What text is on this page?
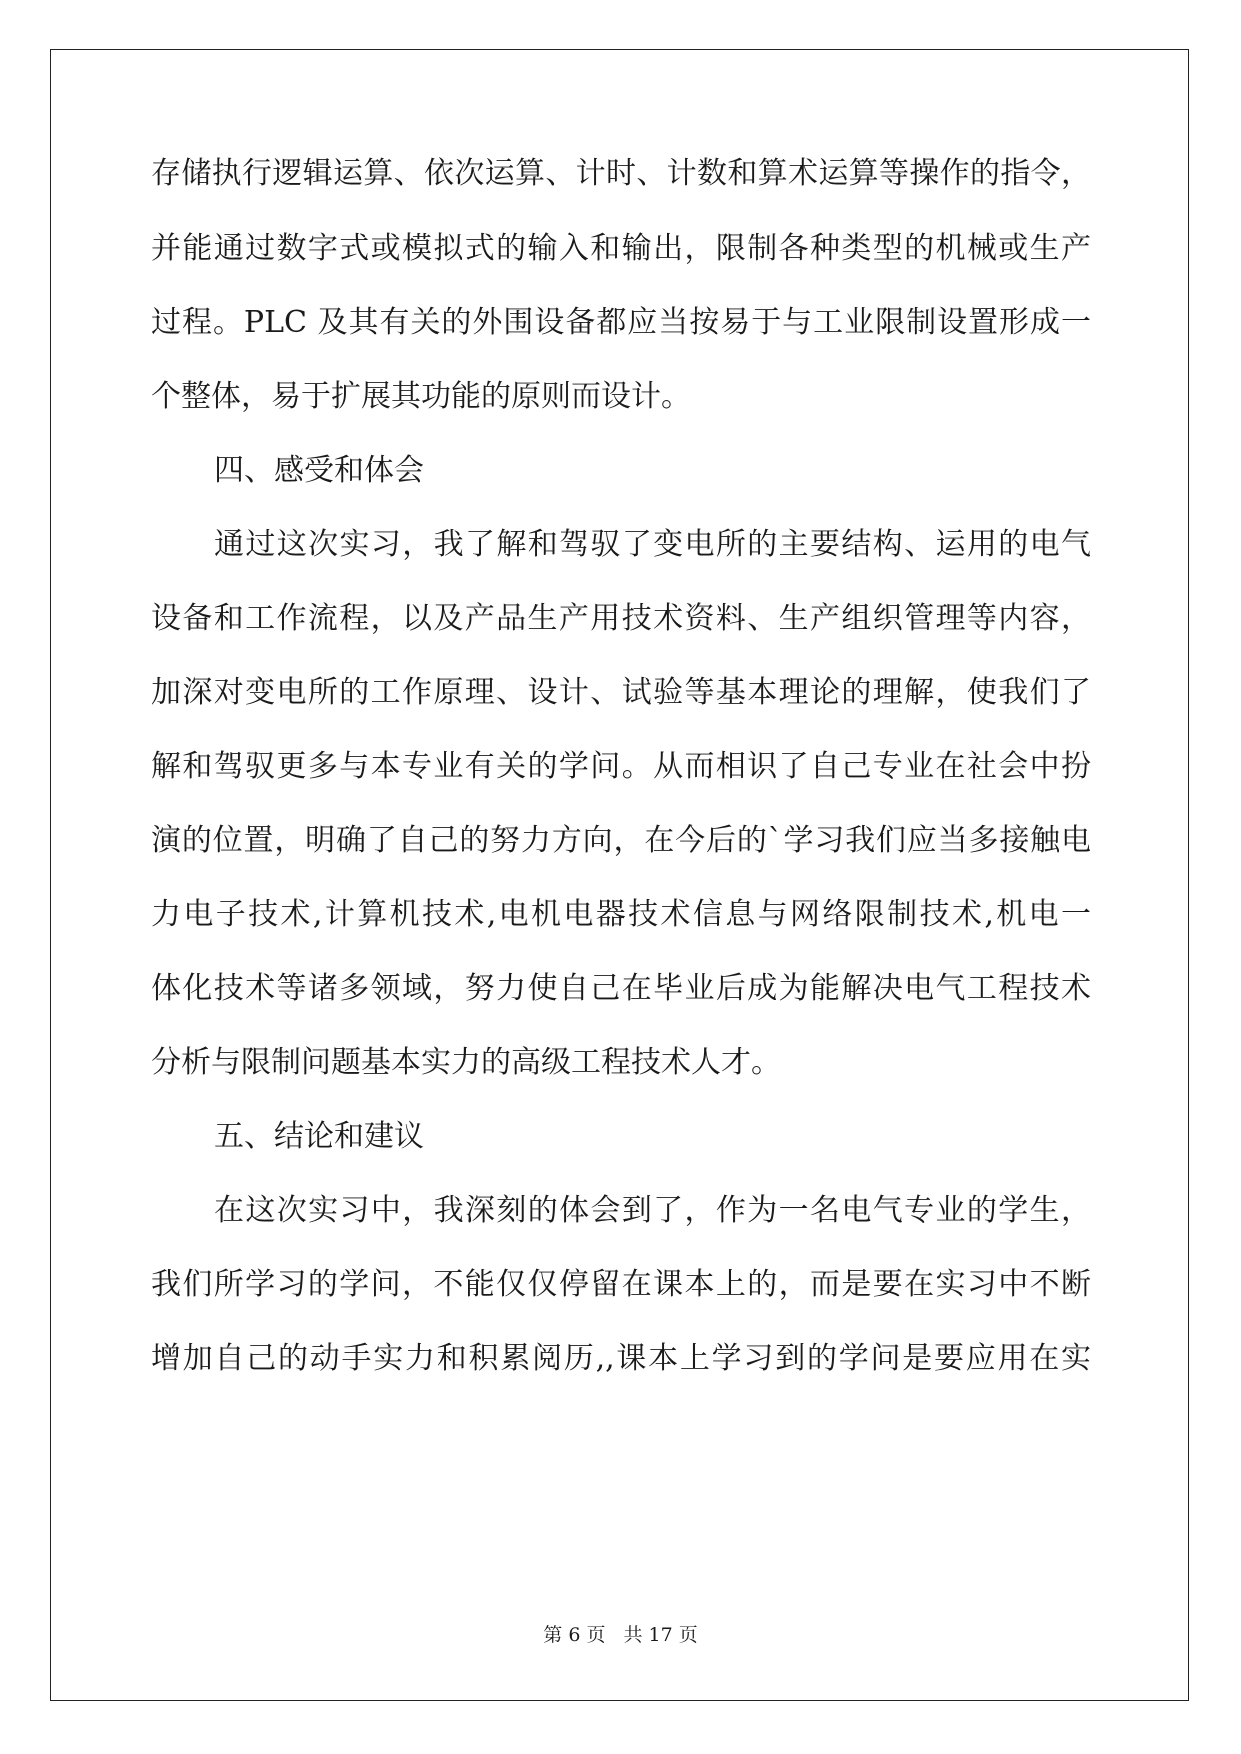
存储执行逻辑运算、依次运算、计时、计数和算术运算等操作的指令，
并能通过数字式或模拟式的输入和输出，限制各种类型的机械或生产
过程。PLC 及其有关的外围设备都应当按易于与工业限制设置形成一
个整体，易于扩展其功能的原则而设计。
四、感受和体会
通过这次实习，我了解和驾驭了变电所的主要结构、运用的电气
设备和工作流程，以及产品生产用技术资料、生产组织管理等内容，
加深对变电所的工作原理、设计、试验等基本理论的理解，使我们了
解和驾驭更多与本专业有关的学问。从而相识了自己专业在社会中扮
演的位置，明确了自己的努力方向，在今后的`学习我们应当多接触电
力电子技术,计算机技术,电机电器技术信息与网络限制技术,机电一
体化技术等诸多领域，努力使自己在毕业后成为能解决电气工程技术
分析与限制问题基本实力的高级工程技术人才。
五、结论和建议
在这次实习中，我深刻的体会到了，作为一名电气专业的学生，
我们所学习的学问，不能仅仅停留在课本上的，而是要在实习中不断
增加自己的动手实力和积累阅历,,课本上学习到的学问是要应用在实
第 6 页 共 17 页
